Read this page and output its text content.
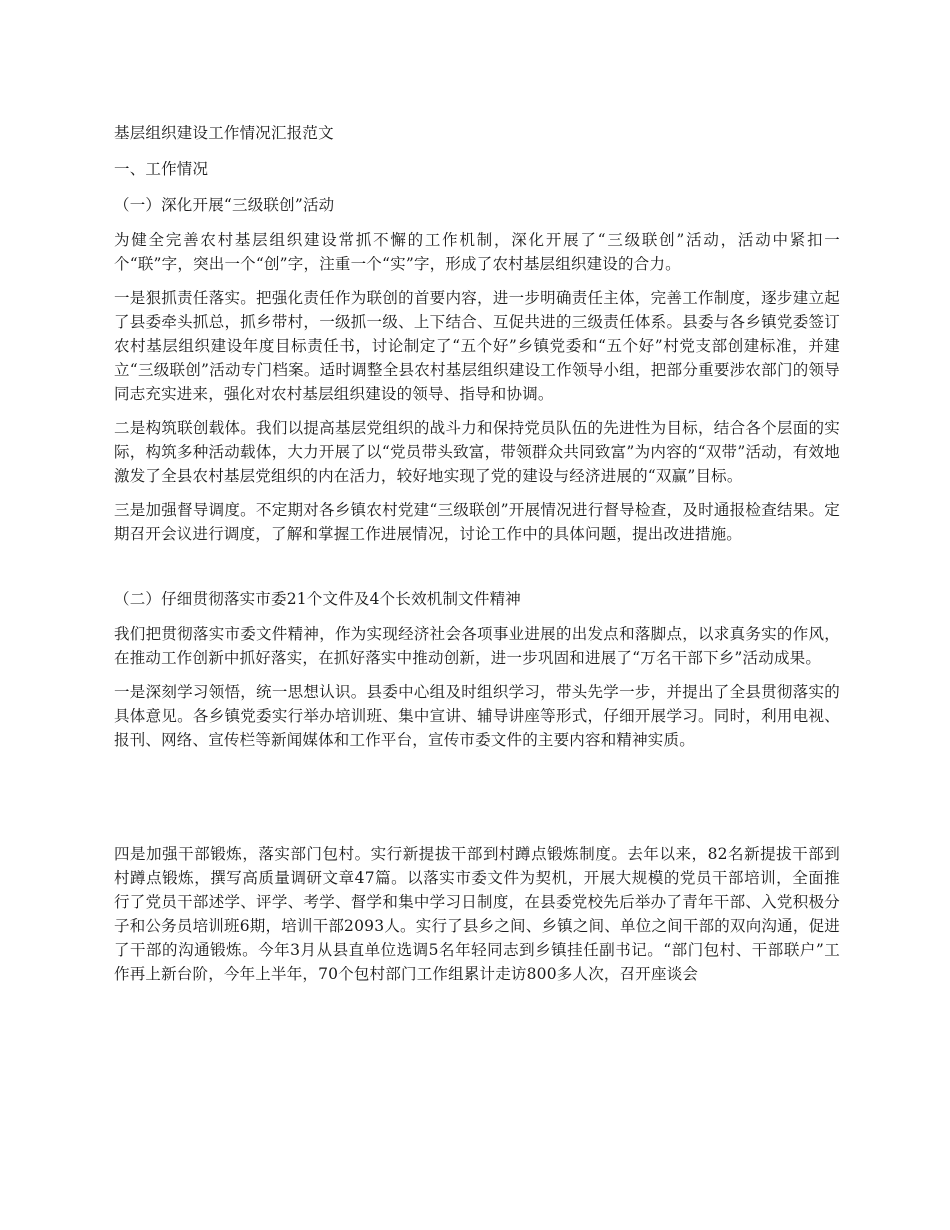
基层组织建设工作情况汇报范文

一、工作情况

（一）深化开展“三级联创”活动

为健全完善农村基层组织建设常抓不懈的工作机制，深化开展了“三级联创”活动，活动中紧扣一个“联”字，突出一个“创”字，注重一个“实”字，形成了农村基层组织建设的合力。

一是狠抓责任落实。把强化责任作为联创的首要内容，进一步明确责任主体，完善工作制度，逐步建立起了县委牵头抓总，抓乡带村，一级抓一级、上下结合、互促共进的三级责任体系。县委与各乡镇党委签订农村基层组织建设年度目标责任书，讨论制定了“五个好”乡镇党委和“五个好”村党支部创建标准，并建立“三级联创”活动专门档案。适时调整全县农村基层组织建设工作领导小组，把部分重要涉农部门的领导同志充实进来，强化对农村基层组织建设的领导、指导和协调。

二是构筑联创载体。我们以提高基层党组织的战斗力和保持党员队伍的先进性为目标，结合各个层面的实际，构筑多种活动载体，大力开展了以“党员带头致富，带领群众共同致富”为内容的“双带”活动，有效地激发了全县农村基层党组织的内在活力，较好地实现了党的建设与经济进展的“双赢”目标。

三是加强督导调度。不定期对各乡镇农村党建“三级联创”开展情况进行督导检查，及时通报检查结果。定期召开会议进行调度，了解和掌握工作进展情况，讨论工作中的具体问题，提出改进措施。

（二）仔细贯彻落实市委21个文件及4个长效机制文件精神

我们把贯彻落实市委文件精神，作为实现经济社会各项事业进展的出发点和落脚点，以求真务实的作风，在推动工作创新中抓好落实，在抓好落实中推动创新，进一步巩固和进展了“万名干部下乡”活动成果。

一是深刻学习领悟，统一思想认识。县委中心组及时组织学习，带头先学一步，并提出了全县贯彻落实的具体意见。各乡镇党委实行举办培训班、集中宣讲、辅导讲座等形式，仔细开展学习。同时，利用电视、报刊、网络、宣传栏等新闻媒体和工作平台，宣传市委文件的主要内容和精神实质。

四是加强干部锻炼，落实部门包村。实行新提拔干部到村蹲点锻炼制度。去年以来，82名新提拔干部到村蹲点锻炼，撰写高质量调研文章47篇。以落实市委文件为契机，开展大规模的党员干部培训，全面推行了党员干部述学、评学、考学、督学和集中学习日制度，在县委党校先后举办了青年干部、入党积极分子和公务员培训班6期，培训干部2093人。实行了县乡之间、乡镇之间、单位之间干部的双向沟通，促进了干部的沟通锻炼。今年3月从县直单位选调5名年轻同志到乡镇挂任副书记。“部门包村、干部联户”工作再上新台阶，今年上半年，70个包村部门工作组累计走访800多人次，召开座谈会
